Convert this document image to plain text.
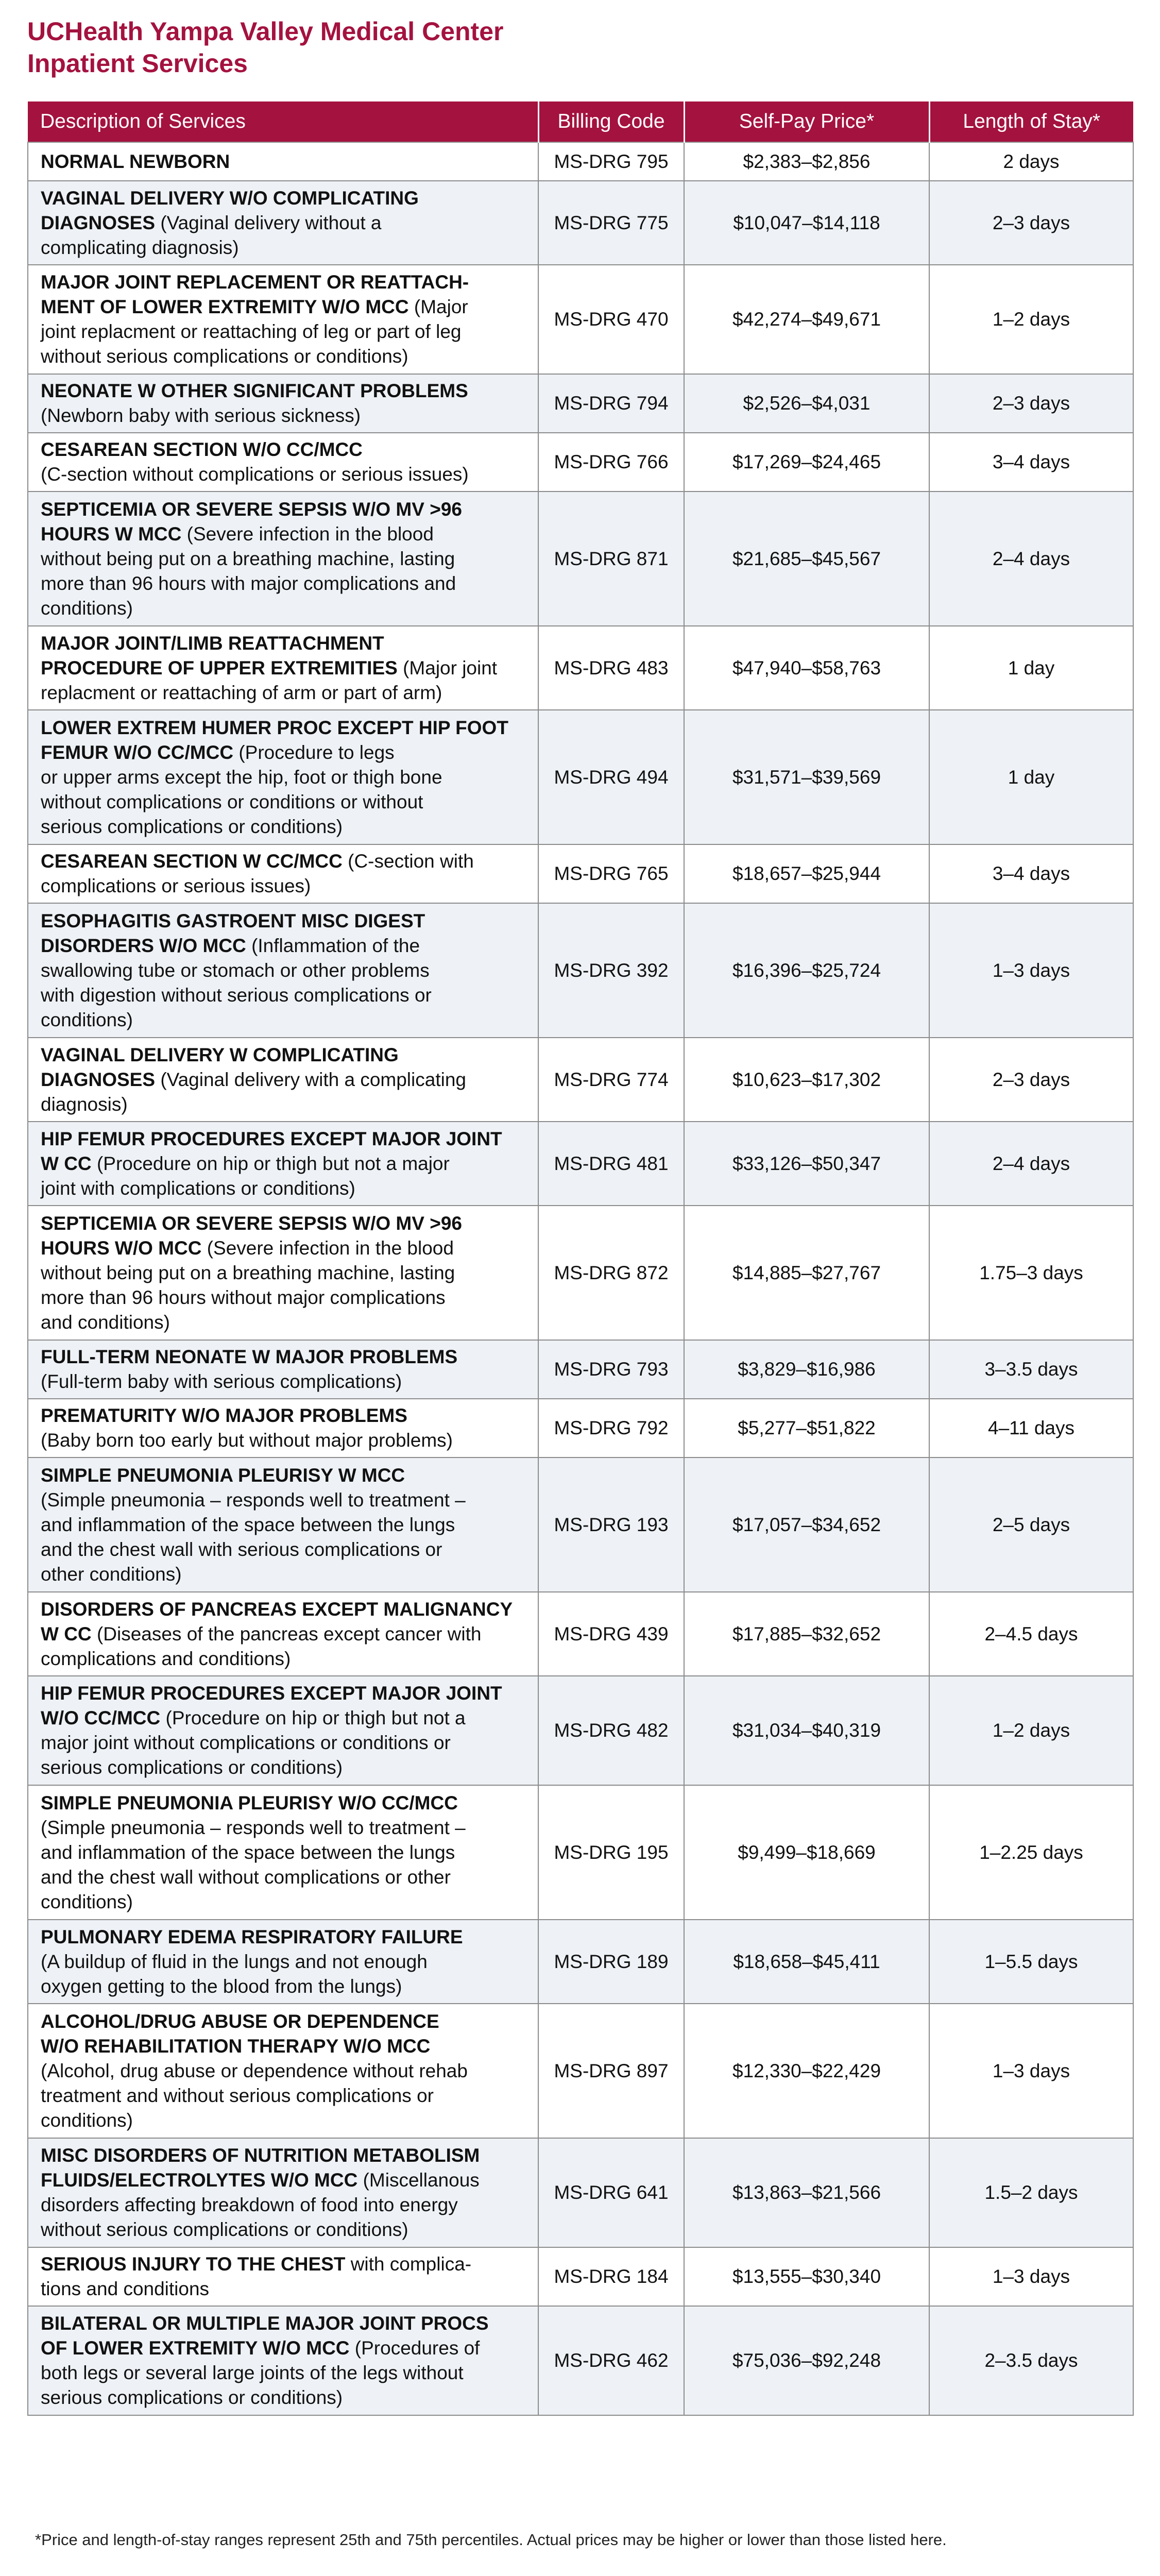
UCHealth Yampa Valley Medical Center
Inpatient Services
Description of Services	Billing Code	Self-Pay Price*	Length of Stay*

NORMAL NEWBORN	MS-DRG 795	$2,383–$2,856	2 days

VAGINAL DELIVERY W/O COMPLICATING
DIAGNOSES (Vaginal delivery without a
complicating diagnosis)	MS-DRG 775	$10,047–$14,118	2–3 days

MAJOR JOINT REPLACEMENT OR REATTACH-
MENT OF LOWER EXTREMITY W/O MCC (Major
joint replacment or reattaching of leg or part of leg
without serious complications or conditions)	MS-DRG 470	$42,274–$49,671	1–2 days

NEONATE W OTHER SIGNIFICANT PROBLEMS
(Newborn baby with serious sickness)	MS-DRG 794	$2,526–$4,031	2–3 days

CESAREAN SECTION W/O CC/MCC
(C-section without complications or serious issues)	MS-DRG 766	$17,269–$24,465	3–4 days

SEPTICEMIA OR SEVERE SEPSIS W/O MV >96
HOURS W MCC (Severe infection in the blood
without being put on a breathing machine, lasting
more than 96 hours with major complications and
conditions)	MS-DRG 871	$21,685–$45,567	2–4 days

MAJOR JOINT/LIMB REATTACHMENT
PROCEDURE OF UPPER EXTREMITIES (Major joint
replacment or reattaching of arm or part of arm)	MS-DRG 483	$47,940–$58,763	1 day

LOWER EXTREM HUMER PROC EXCEPT HIP FOOT
FEMUR W/O CC/MCC (Procedure to legs
or upper arms except the hip, foot or thigh bone
without complications or conditions or without
serious complications or conditions)	MS-DRG 494	$31,571–$39,569	1 day

CESAREAN SECTION W CC/MCC (C-section with
complications or serious issues)	MS-DRG 765	$18,657–$25,944	3–4 days

ESOPHAGITIS GASTROENT MISC DIGEST
DISORDERS W/O MCC (Inflammation of the
swallowing tube or stomach or other problems
with digestion without serious complications or
conditions)	MS-DRG 392	$16,396–$25,724	1–3 days

VAGINAL DELIVERY W COMPLICATING
DIAGNOSES (Vaginal delivery with a complicating
diagnosis)	MS-DRG 774	$10,623–$17,302	2–3 days

HIP FEMUR PROCEDURES EXCEPT MAJOR JOINT
W CC (Procedure on hip or thigh but not a major
joint with complications or conditions)	MS-DRG 481	$33,126–$50,347	2–4 days

SEPTICEMIA OR SEVERE SEPSIS W/O MV >96
HOURS W/O MCC (Severe infection in the blood
without being put on a breathing machine, lasting
more than 96 hours without major complications
and conditions)	MS-DRG 872	$14,885–$27,767	1.75–3 days

FULL-TERM NEONATE W MAJOR PROBLEMS
(Full-term baby with serious complications)	MS-DRG 793	$3,829–$16,986	3–3.5 days

PREMATURITY W/O MAJOR PROBLEMS
(Baby born too early but without major problems)	MS-DRG 792	$5,277–$51,822	4–11 days

SIMPLE PNEUMONIA PLEURISY W MCC
(Simple pneumonia – responds well to treatment –
and inflammation of the space between the lungs
and the chest wall with serious complications or
other conditions)	MS-DRG 193	$17,057–$34,652	2–5 days

DISORDERS OF PANCREAS EXCEPT MALIGNANCY
W CC (Diseases of the pancreas except cancer with
complications and conditions)	MS-DRG 439	$17,885–$32,652	2–4.5 days

HIP FEMUR PROCEDURES EXCEPT MAJOR JOINT
W/O CC/MCC (Procedure on hip or thigh but not a
major joint without complications or conditions or
serious complications or conditions)	MS-DRG 482	$31,034–$40,319	1–2 days

SIMPLE PNEUMONIA PLEURISY W/O CC/MCC
(Simple pneumonia – responds well to treatment –
and inflammation of the space between the lungs
and the chest wall without complications or other
conditions)	MS-DRG 195	$9,499–$18,669	1–2.25 days

PULMONARY EDEMA RESPIRATORY FAILURE
(A buildup of fluid in the lungs and not enough
oxygen getting to the blood from the lungs)	MS-DRG 189	$18,658–$45,411	1–5.5 days

ALCOHOL/DRUG ABUSE OR DEPENDENCE
W/O REHABILITATION THERAPY W/O MCC
(Alcohol, drug abuse or dependence without rehab
treatment and without serious complications or
conditions)	MS-DRG 897	$12,330–$22,429	1–3 days

MISC DISORDERS OF NUTRITION METABOLISM
FLUIDS/ELECTROLYTES W/O MCC (Miscellanous
disorders affecting breakdown of food into energy
without serious complications or conditions)	MS-DRG 641	$13,863–$21,566	1.5–2 days

SERIOUS INJURY TO THE CHEST with complica-
tions and conditions	MS-DRG 184	$13,555–$30,340	1–3 days

BILATERAL OR MULTIPLE MAJOR JOINT PROCS
OF LOWER EXTREMITY W/O MCC (Procedures of
both legs or several large joints of the legs without
serious complications or conditions)	MS-DRG 462	$75,036–$92,248	2–3.5 days
*Price and length-of-stay ranges represent 25th and 75th percentiles. Actual prices may be higher or lower than those listed here.
